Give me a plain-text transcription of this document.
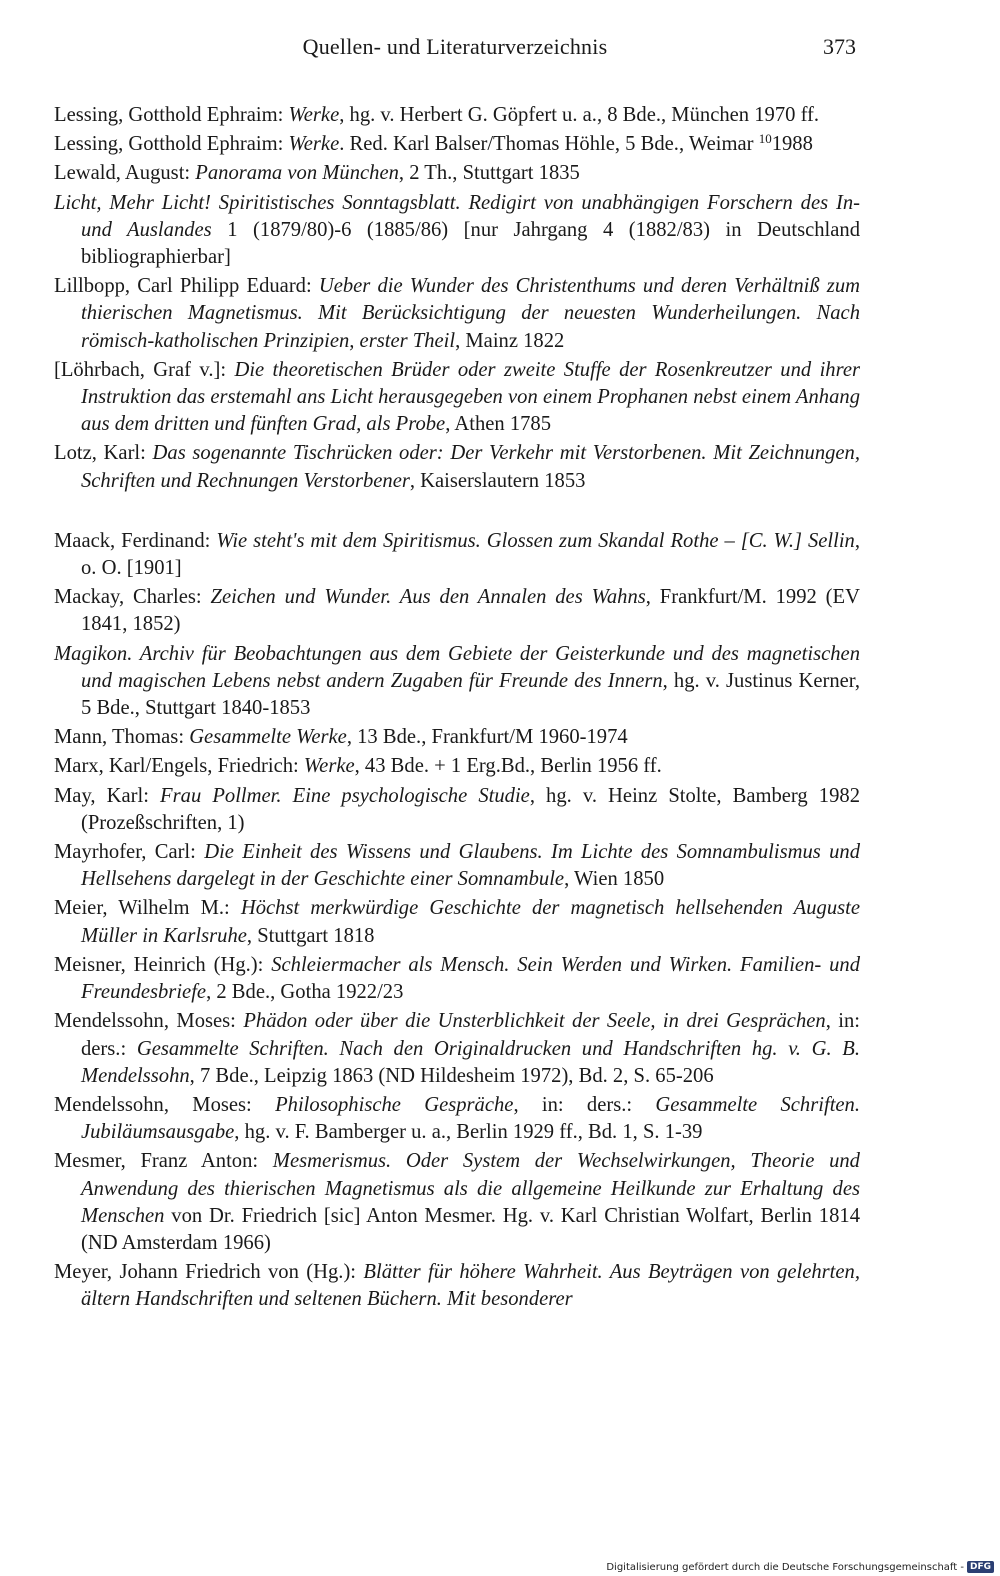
Quellen- und Literaturverzeichnis	373

Lessing, Gotthold Ephraim: Werke, hg. v. Herbert G. Göpfert u. a., 8 Bde., München 1970 ff.

Lessing, Gotthold Ephraim: Werke. Red. Karl Balser/Thomas Höhle, 5 Bde., Weimar $^{10}$1988

Lewald, August: Panorama von München, 2 Th., Stuttgart 1835

Licht, Mehr Licht! Spiritistisches Sonntagsblatt. Redigirt von unabhängigen Forschern des In- und Auslandes 1 (1879/80)-6 (1885/86) [nur Jahrgang 4 (1882/83) in Deutschland bibliographierbar]

Lillbopp, Carl Philipp Eduard: Ueber die Wunder des Christenthums und deren Verhältniß zum thierischen Magnetismus. Mit Berücksichtigung der neuesten Wunderheilungen. Nach römisch-katholischen Prinzipien, erster Theil, Mainz 1822

[Löhrbach, Graf v.]: Die theoretischen Brüder oder zweite Stuffe der Rosenkreutzer und ihrer Instruktion das erstemahl ans Licht herausgegeben von einem Prophanen nebst einem Anhang aus dem dritten und fünften Grad, als Probe, Athen 1785

Lotz, Karl: Das sogenannte Tischrücken oder: Der Verkehr mit Verstorbenen. Mit Zeichnungen, Schriften und Rechnungen Verstorbener, Kaiserslautern 1853

Maack, Ferdinand: Wie steht's mit dem Spiritismus. Glossen zum Skandal Rothe – [C. W.] Sellin, o. O. [1901]

Mackay, Charles: Zeichen und Wunder. Aus den Annalen des Wahns, Frankfurt/M. 1992 (EV 1841, 1852)

Magikon. Archiv für Beobachtungen aus dem Gebiete der Geisterkunde und des magnetischen und magischen Lebens nebst andern Zugaben für Freunde des Innern, hg. v. Justinus Kerner, 5 Bde., Stuttgart 1840-1853

Mann, Thomas: Gesammelte Werke, 13 Bde., Frankfurt/M 1960-1974

Marx, Karl/Engels, Friedrich: Werke, 43 Bde. + 1 Erg.Bd., Berlin 1956 ff.

May, Karl: Frau Pollmer. Eine psychologische Studie, hg. v. Heinz Stolte, Bamberg 1982 (Prozeßschriften, 1)

Mayrhofer, Carl: Die Einheit des Wissens und Glaubens. Im Lichte des Somnambulismus und Hellsehens dargelegt in der Geschichte einer Somnambule, Wien 1850

Meier, Wilhelm M.: Höchst merkwürdige Geschichte der magnetisch hellsehenden Auguste Müller in Karlsruhe, Stuttgart 1818

Meisner, Heinrich (Hg.): Schleiermacher als Mensch. Sein Werden und Wirken. Familien- und Freundesbriefe, 2 Bde., Gotha 1922/23

Mendelssohn, Moses: Phädon oder über die Unsterblichkeit der Seele, in drei Gesprächen, in: ders.: Gesammelte Schriften. Nach den Originaldrucken und Handschriften hg. v. G. B. Mendelssohn, 7 Bde., Leipzig 1863 (ND Hildesheim 1972), Bd. 2, S. 65-206

Mendelssohn, Moses: Philosophische Gespräche, in: ders.: Gesammelte Schriften. Jubiläumsausgabe, hg. v. F. Bamberger u. a., Berlin 1929 ff., Bd. 1, S. 1-39

Mesmer, Franz Anton: Mesmerismus. Oder System der Wechselwirkungen, Theorie und Anwendung des thierischen Magnetismus als die allgemeine Heilkunde zur Erhaltung des Menschen von Dr. Friedrich [sic] Anton Mesmer. Hg. v. Karl Christian Wolfart, Berlin 1814 (ND Amsterdam 1966)

Meyer, Johann Friedrich von (Hg.): Blätter für höhere Wahrheit. Aus Beyträgen von gelehrten, ältern Handschriften und seltenen Büchern. Mit besonderer

Digitalisierung gefördert durch die Deutsche Forschungsgemeinschaft - DFG
